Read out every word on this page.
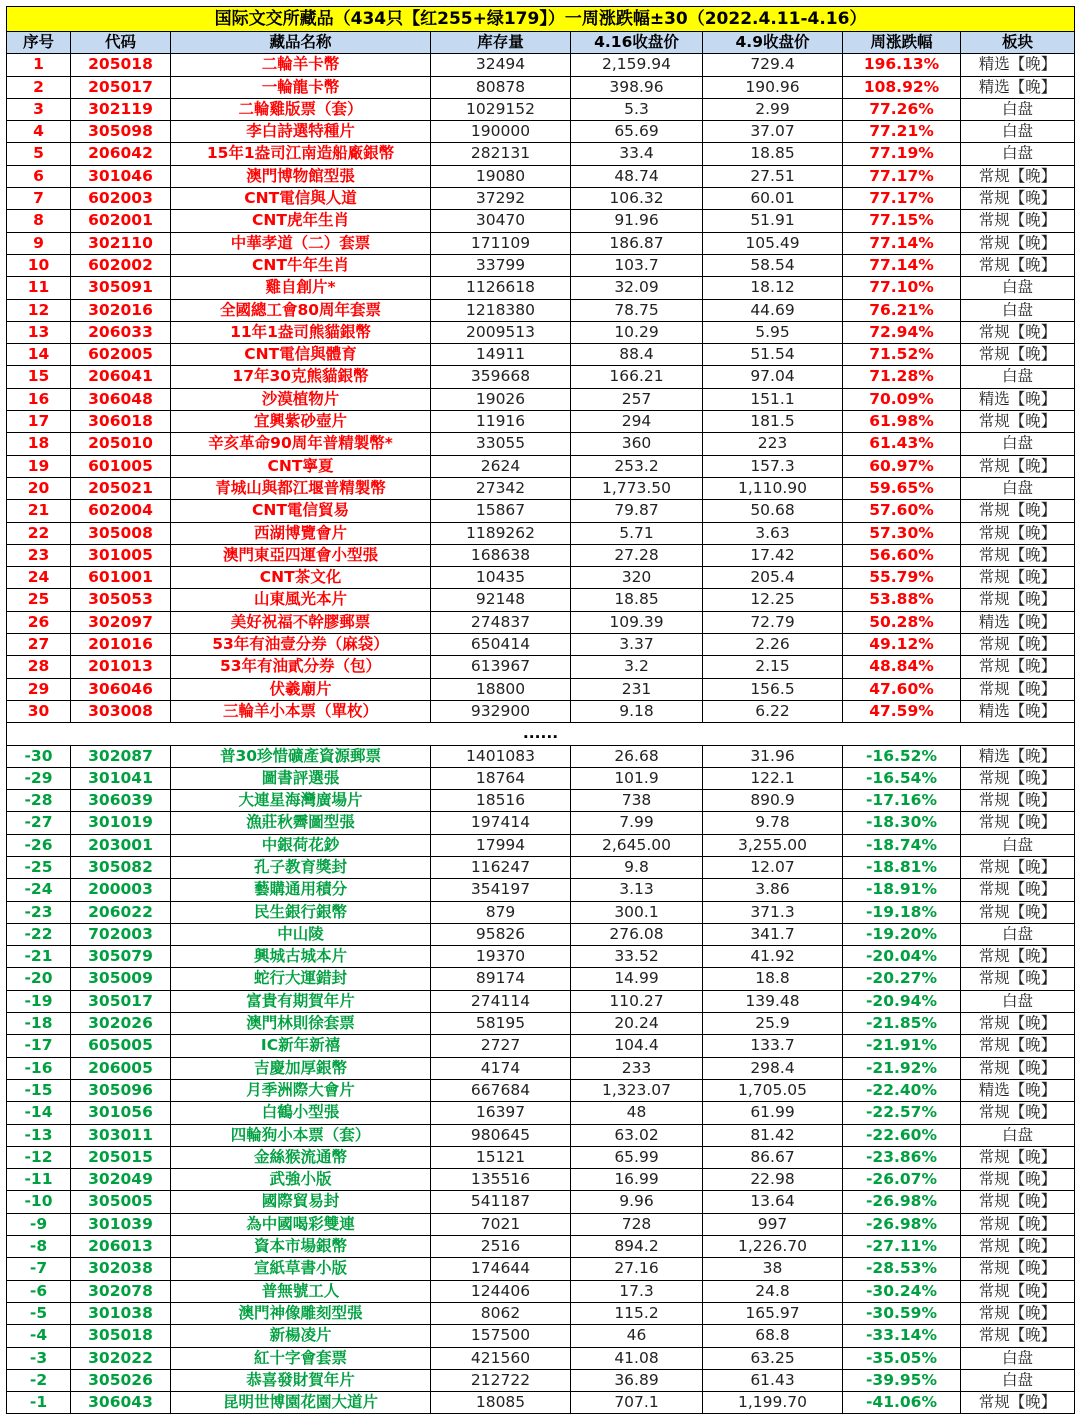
国际文交所藏品（434只【红255+绿179】）一周涨跌幅±30（2022.4.11-4.16）							
序号	代码	藏品名称	库存量	4.16收盘价	4.9收盘价	周涨跌幅	板块
1	205018	二輪羊卡幣	32494	2,159.94	729.4	196.13%	精选【晚】
2	205017	一輪龍卡幣	80878	398.96	190.96	108.92%	精选【晚】
3	302119	二輪雞版票（套）	1029152	5.3	2.99	77.26%	白盘
4	305098	李白詩選特種片	190000	65.69	37.07	77.21%	白盘
5	206042	15年1盎司江南造船廠銀幣	282131	33.4	18.85	77.19%	白盘
6	301046	澳門博物館型張	19080	48.74	27.51	77.17%	常规【晚】
7	602003	CNT電信與人道	37292	106.32	60.01	77.17%	常规【晚】
8	602001	CNT虎年生肖	30470	91.96	51.91	77.15%	常规【晚】
9	302110	中華孝道（二）套票	171109	186.87	105.49	77.14%	常规【晚】
10	602002	CNT牛年生肖	33799	103.7	58.54	77.14%	常规【晚】
11	305091	雞自創片*	1126618	32.09	18.12	77.10%	白盘
12	302016	全國總工會80周年套票	1218380	78.75	44.69	76.21%	白盘
13	206033	11年1盎司熊貓銀幣	2009513	10.29	5.95	72.94%	常规【晚】
14	602005	CNT電信與體育	14911	88.4	51.54	71.52%	常规【晚】
15	206041	17年30克熊貓銀幣	359668	166.21	97.04	71.28%	白盘
16	306048	沙漠植物片	19026	257	151.1	70.09%	精选【晚】
17	306018	宜興紫砂壺片	11916	294	181.5	61.98%	常规【晚】
18	205010	辛亥革命90周年普精製幣*	33055	360	223	61.43%	白盘
19	601005	CNT寧夏	2624	253.2	157.3	60.97%	常规【晚】
20	205021	青城山與都江堰普精製幣	27342	1,773.50	1,110.90	59.65%	白盘
21	602004	CNT電信貿易	15867	79.87	50.68	57.60%	常规【晚】
22	305008	西湖博覽會片	1189262	5.71	3.63	57.30%	常规【晚】
23	301005	澳門東亞四運會小型張	168638	27.28	17.42	56.60%	常规【晚】
24	601001	CNT茶文化	10435	320	205.4	55.79%	常规【晚】
25	305053	山東風光本片	92148	18.85	12.25	53.88%	常规【晚】
26	302097	美好祝福不幹膠郵票	274837	109.39	72.79	50.28%	精选【晚】
27	201016	53年有油壹分券（麻袋）	650414	3.37	2.26	49.12%	常规【晚】
28	201013	53年有油貳分券（包）	613967	3.2	2.15	48.84%	常规【晚】
29	306046	伏羲廟片	18800	231	156.5	47.60%	常规【晚】
30	303008	三輪羊小本票（單枚）	932900	9.18	6.22	47.59%	精选【晚】
......							
-30	302087	普30珍惜礦產資源郵票	1401083	26.68	31.96	-16.52%	精选【晚】
-29	301041	圖書評選張	18764	101.9	122.1	-16.54%	常规【晚】
-28	306039	大連星海灣廣場片	18516	738	890.9	-17.16%	常规【晚】
-27	301019	漁莊秋霽圖型張	197414	7.99	9.78	-18.30%	常规【晚】
-26	203001	中銀荷花鈔	17994	2,645.00	3,255.00	-18.74%	白盘
-25	305082	孔子教育獎封	116247	9.8	12.07	-18.81%	常规【晚】
-24	200003	藝購通用積分	354197	3.13	3.86	-18.91%	常规【晚】
-23	206022	民生銀行銀幣	879	300.1	371.3	-19.18%	常规【晚】
-22	702003	中山陵	95826	276.08	341.7	-19.20%	白盘
-21	305079	興城古城本片	19370	33.52	41.92	-20.04%	常规【晚】
-20	305009	蛇行大運錯封	89174	14.99	18.8	-20.27%	常规【晚】
-19	305017	富貴有期賀年片	274114	110.27	139.48	-20.94%	白盘
-18	302026	澳門林則徐套票	58195	20.24	25.9	-21.85%	常规【晚】
-17	605005	IC新年新禧	2727	104.4	133.7	-21.91%	常规【晚】
-16	206005	吉慶加厚銀幣	4174	233	298.4	-21.92%	常规【晚】
-15	305096	月季洲際大會片	667684	1,323.07	1,705.05	-22.40%	精选【晚】
-14	301056	白鶴小型張	16397	48	61.99	-22.57%	常规【晚】
-13	303011	四輪狗小本票（套）	980645	63.02	81.42	-22.60%	白盘
-12	205015	金絲猴流通幣	15121	65.99	86.67	-23.86%	常规【晚】
-11	302049	武強小版	135516	16.99	22.98	-26.07%	常规【晚】
-10	305005	國際貿易封	541187	9.96	13.64	-26.98%	常规【晚】
-9	301039	為中國喝彩雙連	7021	728	997	-26.98%	常规【晚】
-8	206013	資本市場銀幣	2516	894.2	1,226.70	-27.11%	常规【晚】
-7	302038	宣紙草書小版	174644	27.16	38	-28.53%	常规【晚】
-6	302078	普無號工人	124406	17.3	24.8	-30.24%	常规【晚】
-5	301038	澳門神像雕刻型張	8062	115.2	165.97	-30.59%	常规【晚】
-4	305018	新楊凌片	157500	46	68.8	-33.14%	常规【晚】
-3	302022	紅十字會套票	421560	41.08	63.25	-35.05%	白盘
-2	305026	恭喜發財賀年片	212722	36.89	61.43	-39.95%	白盘
-1	306043	昆明世博園花園大道片	18085	707.1	1,199.70	-41.06%	常规【晚】
